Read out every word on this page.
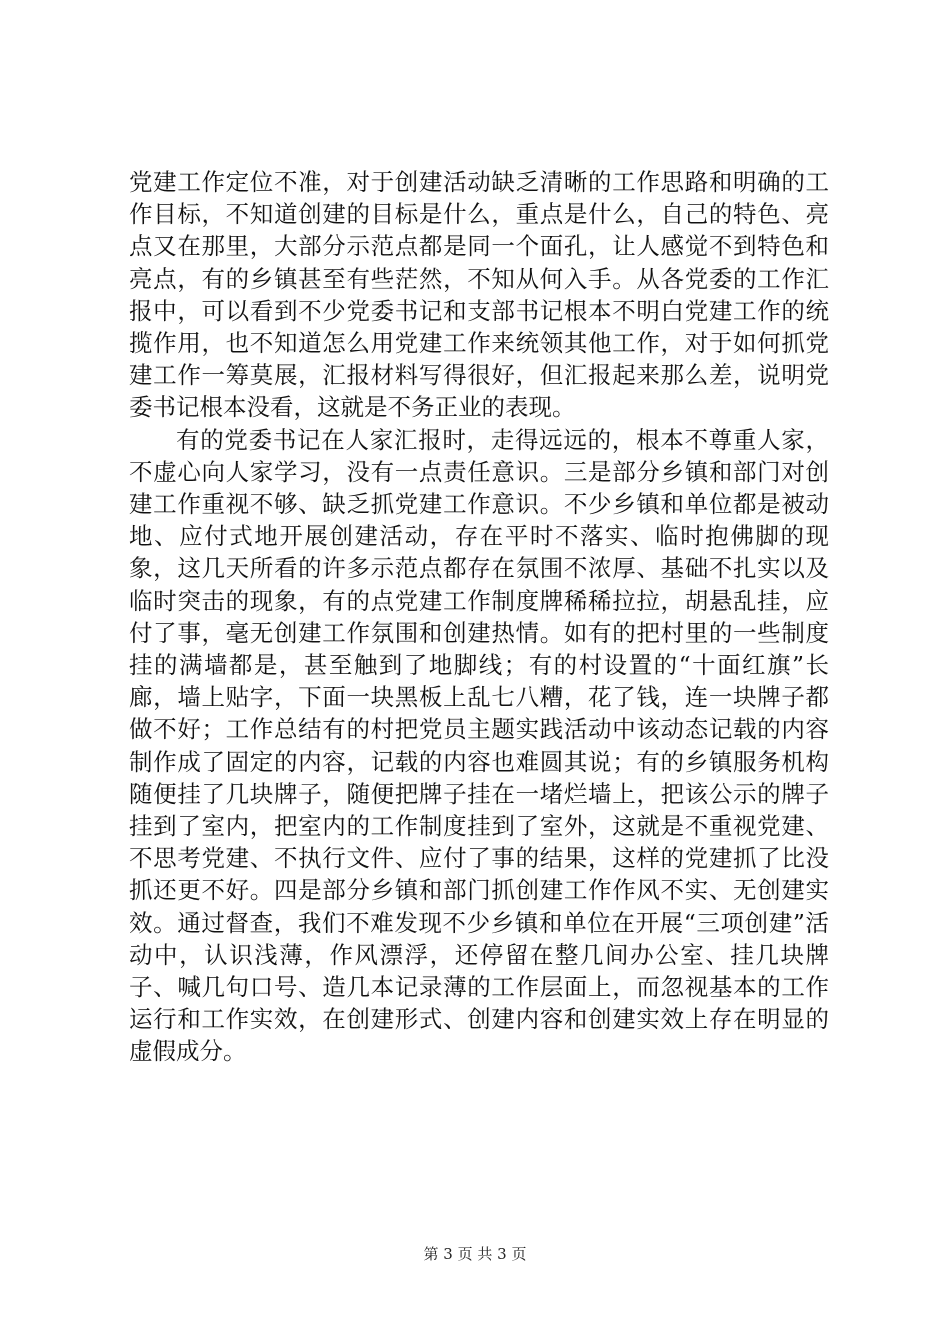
党建工作定位不准，对于创建活动缺乏清晰的工作思路和明确的工作目标，不知道创建的目标是什么，重点是什么，自己的特色、亮点又在那里，大部分示范点都是同一个面孔，让人感觉不到特色和亮点，有的乡镇甚至有些茫然，不知从何入手。从各党委的工作汇报中，可以看到不少党委书记和支部书记根本不明白党建工作的统揽作用，也不知道怎么用党建工作来统领其他工作，对于如何抓党建工作一筹莫展，汇报材料写得很好，但汇报起来那么差，说明党委书记根本没看，这就是不务正业的表现。

有的党委书记在人家汇报时，走得远远的，根本不尊重人家，不虚心向人家学习，没有一点责任意识。三是部分乡镇和部门对创建工作重视不够、缺乏抓党建工作意识。不少乡镇和单位都是被动地、应付式地开展创建活动，存在平时不落实、临时抱佛脚的现象，这几天所看的许多示范点都存在氛围不浓厚、基础不扎实以及临时突击的现象，有的点党建工作制度牌稀稀拉拉，胡悬乱挂，应付了事，毫无创建工作氛围和创建热情。如有的把村里的一些制度挂的满墙都是，甚至触到了地脚线；有的村设置的“十面红旗”长廊，墙上贴字，下面一块黑板上乱七八糟，花了钱，连一块牌子都做不好；工作总结有的村把党员主题实践活动中该动态记载的内容制作成了固定的内容，记载的内容也难圆其说；有的乡镇服务机构随便挂了几块牌子，随便把牌子挂在一堵烂墙上，把该公示的牌子挂到了室内，把室内的工作制度挂到了室外，这就是不重视党建、不思考党建、不执行文件、应付了事的结果，这样的党建抓了比没抓还更不好。四是部分乡镇和部门抓创建工作作风不实、无创建实效。通过督查，我们不难发现不少乡镇和单位在开展“三项创建”活动中，认识浅薄，作风漂浮，还停留在整几间办公室、挂几块牌子、喊几句口号、造几本记录薄的工作层面上，而忽视基本的工作运行和工作实效，在创建形式、创建内容和创建实效上存在明显的虚假成分。

第 3 页 共 3 页
